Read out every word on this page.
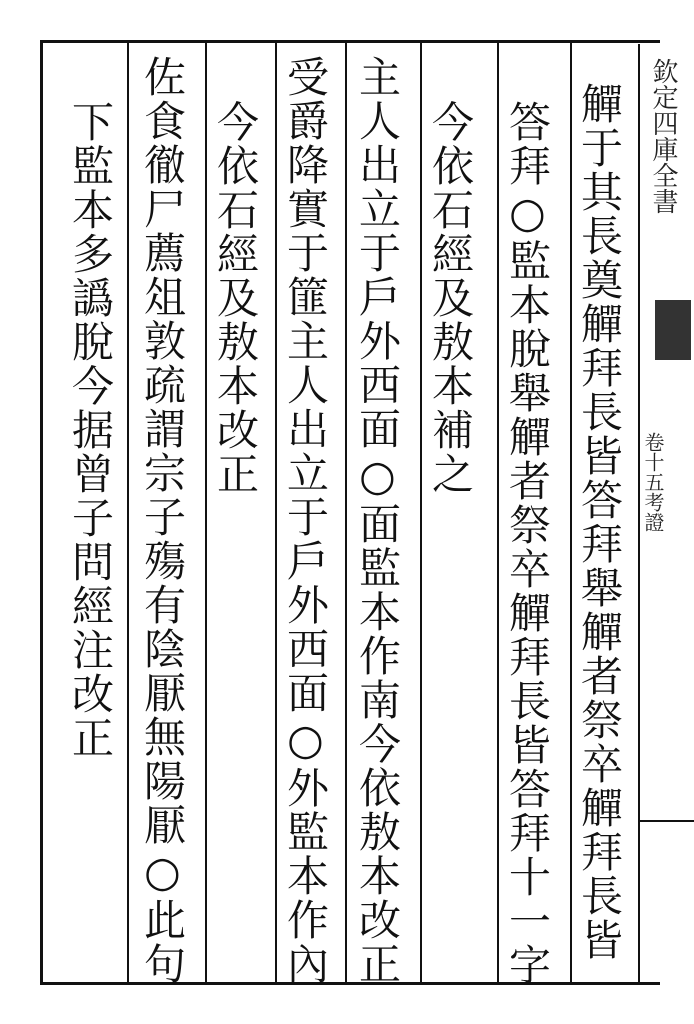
觶于其長奠觶拜長皆答拜舉觶者祭卒觶拜長皆
答拜○監本脫舉觶者祭卒觶拜長皆答拜十一字
今依石經及敖本補之
主人出立于戶外西面○面監本作南今依敖本改正
受爵降實于篚主人出立于戶外西面○外監本作內
今依石經及敖本改正
佐食徹尸薦俎敦疏謂宗子殤有陰厭無陽厭○此句
下監本多譌脫今据曾子問經注改正	欽定四庫全書
卷十五考證
